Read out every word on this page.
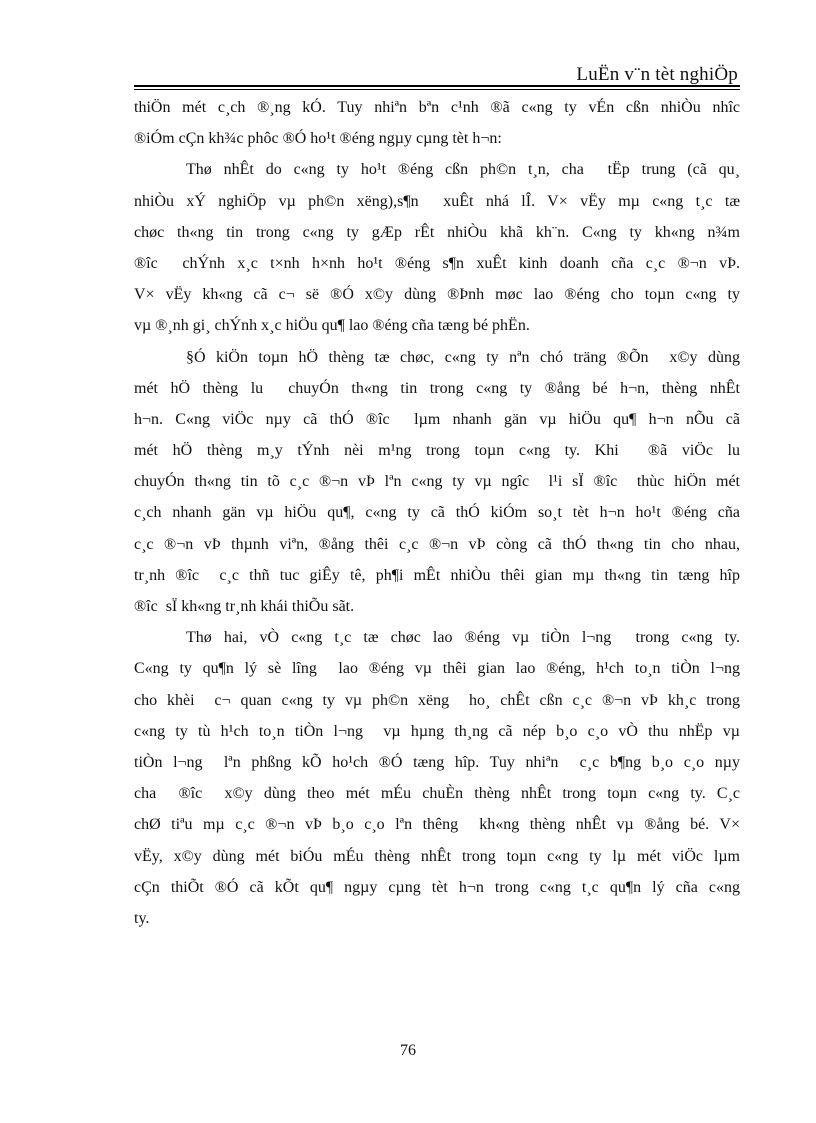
LuËn v¨n tèt nghiÖp
thiÖn mét c¸ch ®¸ng kÓ. Tuy nhiªn bªn c¹nh ®ã c«ng ty vÉn cßn nhiÒu nhîc
®iÓm cÇn kh¾c phôc ®Ó ho¹t ®éng ngµy cµng tèt h¬n:
Thø nhÊt do c«ng ty ho¹t ®éng cßn ph©n t¸n, cha  tËp trung (cã qu¸
nhiÒu xÝ nghiÖp vµ ph©n xëng),s¶n  xuÊt nhá lÎ. V× vËy mµ c«ng t¸c tæ
chøc th«ng tin trong c«ng ty gÆp rÊt nhiÒu khã kh¨n. C«ng ty kh«ng n¾m
®îc  chÝnh x¸c t×nh h×nh ho¹t ®éng s¶n xuÊt kinh doanh cña c¸c ®¬n vÞ.
V× vËy kh«ng cã c¬ së ®Ó x©y dùng ®Þnh møc lao ®éng cho toµn c«ng ty
vµ ®¸nh gi¸ chÝnh x¸c hiÖu qu¶ lao ®éng cña tæng bé phËn.
§Ó kiÖn toµn hÖ thèng tæ chøc, c«ng ty nªn chó träng ®Õn  x©y dùng
mét hÖ thèng lu  chuyÓn th«ng tin trong c«ng ty ®ång bé h¬n, thèng nhÊt
h¬n. C«ng viÖc nµy cã thÓ ®îc  lµm nhanh gän vµ hiÖu qu¶ h¬n nÕu cã
mét hÖ thèng m¸y tÝnh nèi m¹ng trong toµn c«ng ty. Khi  ®ã viÖc lu
chuyÓn th«ng tin tõ c¸c ®¬n vÞ lªn c«ng ty vµ ngîc  l¹i sÏ ®îc  thùc hiÖn mét
c¸ch nhanh gän vµ hiÖu qu¶, c«ng ty cã thÓ kiÓm so¸t tèt h¬n ho¹t ®éng cña
c¸c ®¬n vÞ thµnh viªn, ®ång thêi c¸c ®¬n vÞ còng cã thÓ th«ng tin cho nhau,
tr¸nh ®îc  c¸c thñ tuc giÊy tê, ph¶i mÊt nhiÒu thêi gian mµ th«ng tin tæng hîp
®îc  sÏ kh«ng tr¸nh khái thiÕu sãt.
Thø hai, vÒ c«ng t¸c tæ chøc lao ®éng vµ tiÒn l¬ng  trong c«ng ty.
C«ng ty qu¶n lý sè lîng  lao ®éng vµ thêi gian lao ®éng, h¹ch to¸n tiÒn l¬ng
cho khèi  c¬ quan c«ng ty vµ ph©n xëng  ho¸ chÊt cßn c¸c ®¬n vÞ kh¸c trong
c«ng ty tù h¹ch to¸n tiÒn l¬ng  vµ hµng th¸ng cã nép b¸o c¸o vÒ thu nhËp vµ
tiÒn l¬ng  lªn phßng kÕ ho¹ch ®Ó tæng hîp. Tuy nhiªn  c¸c b¶ng b¸o c¸o nµy
cha  ®îc  x©y dùng theo mét mÉu chuÈn thèng nhÊt trong toµn c«ng ty. C¸c
chØ tiªu mµ c¸c ®¬n vÞ b¸o c¸o lªn thêng  kh«ng thèng nhÊt vµ ®ång bé. V×
vËy, x©y dùng mét biÓu mÉu thèng nhÊt trong toµn c«ng ty lµ mét viÖc lµm
cÇn thiÕt ®Ó cã kÕt qu¶ ngµy cµng tèt h¬n trong c«ng t¸c qu¶n lý cña c«ng
ty.
76
